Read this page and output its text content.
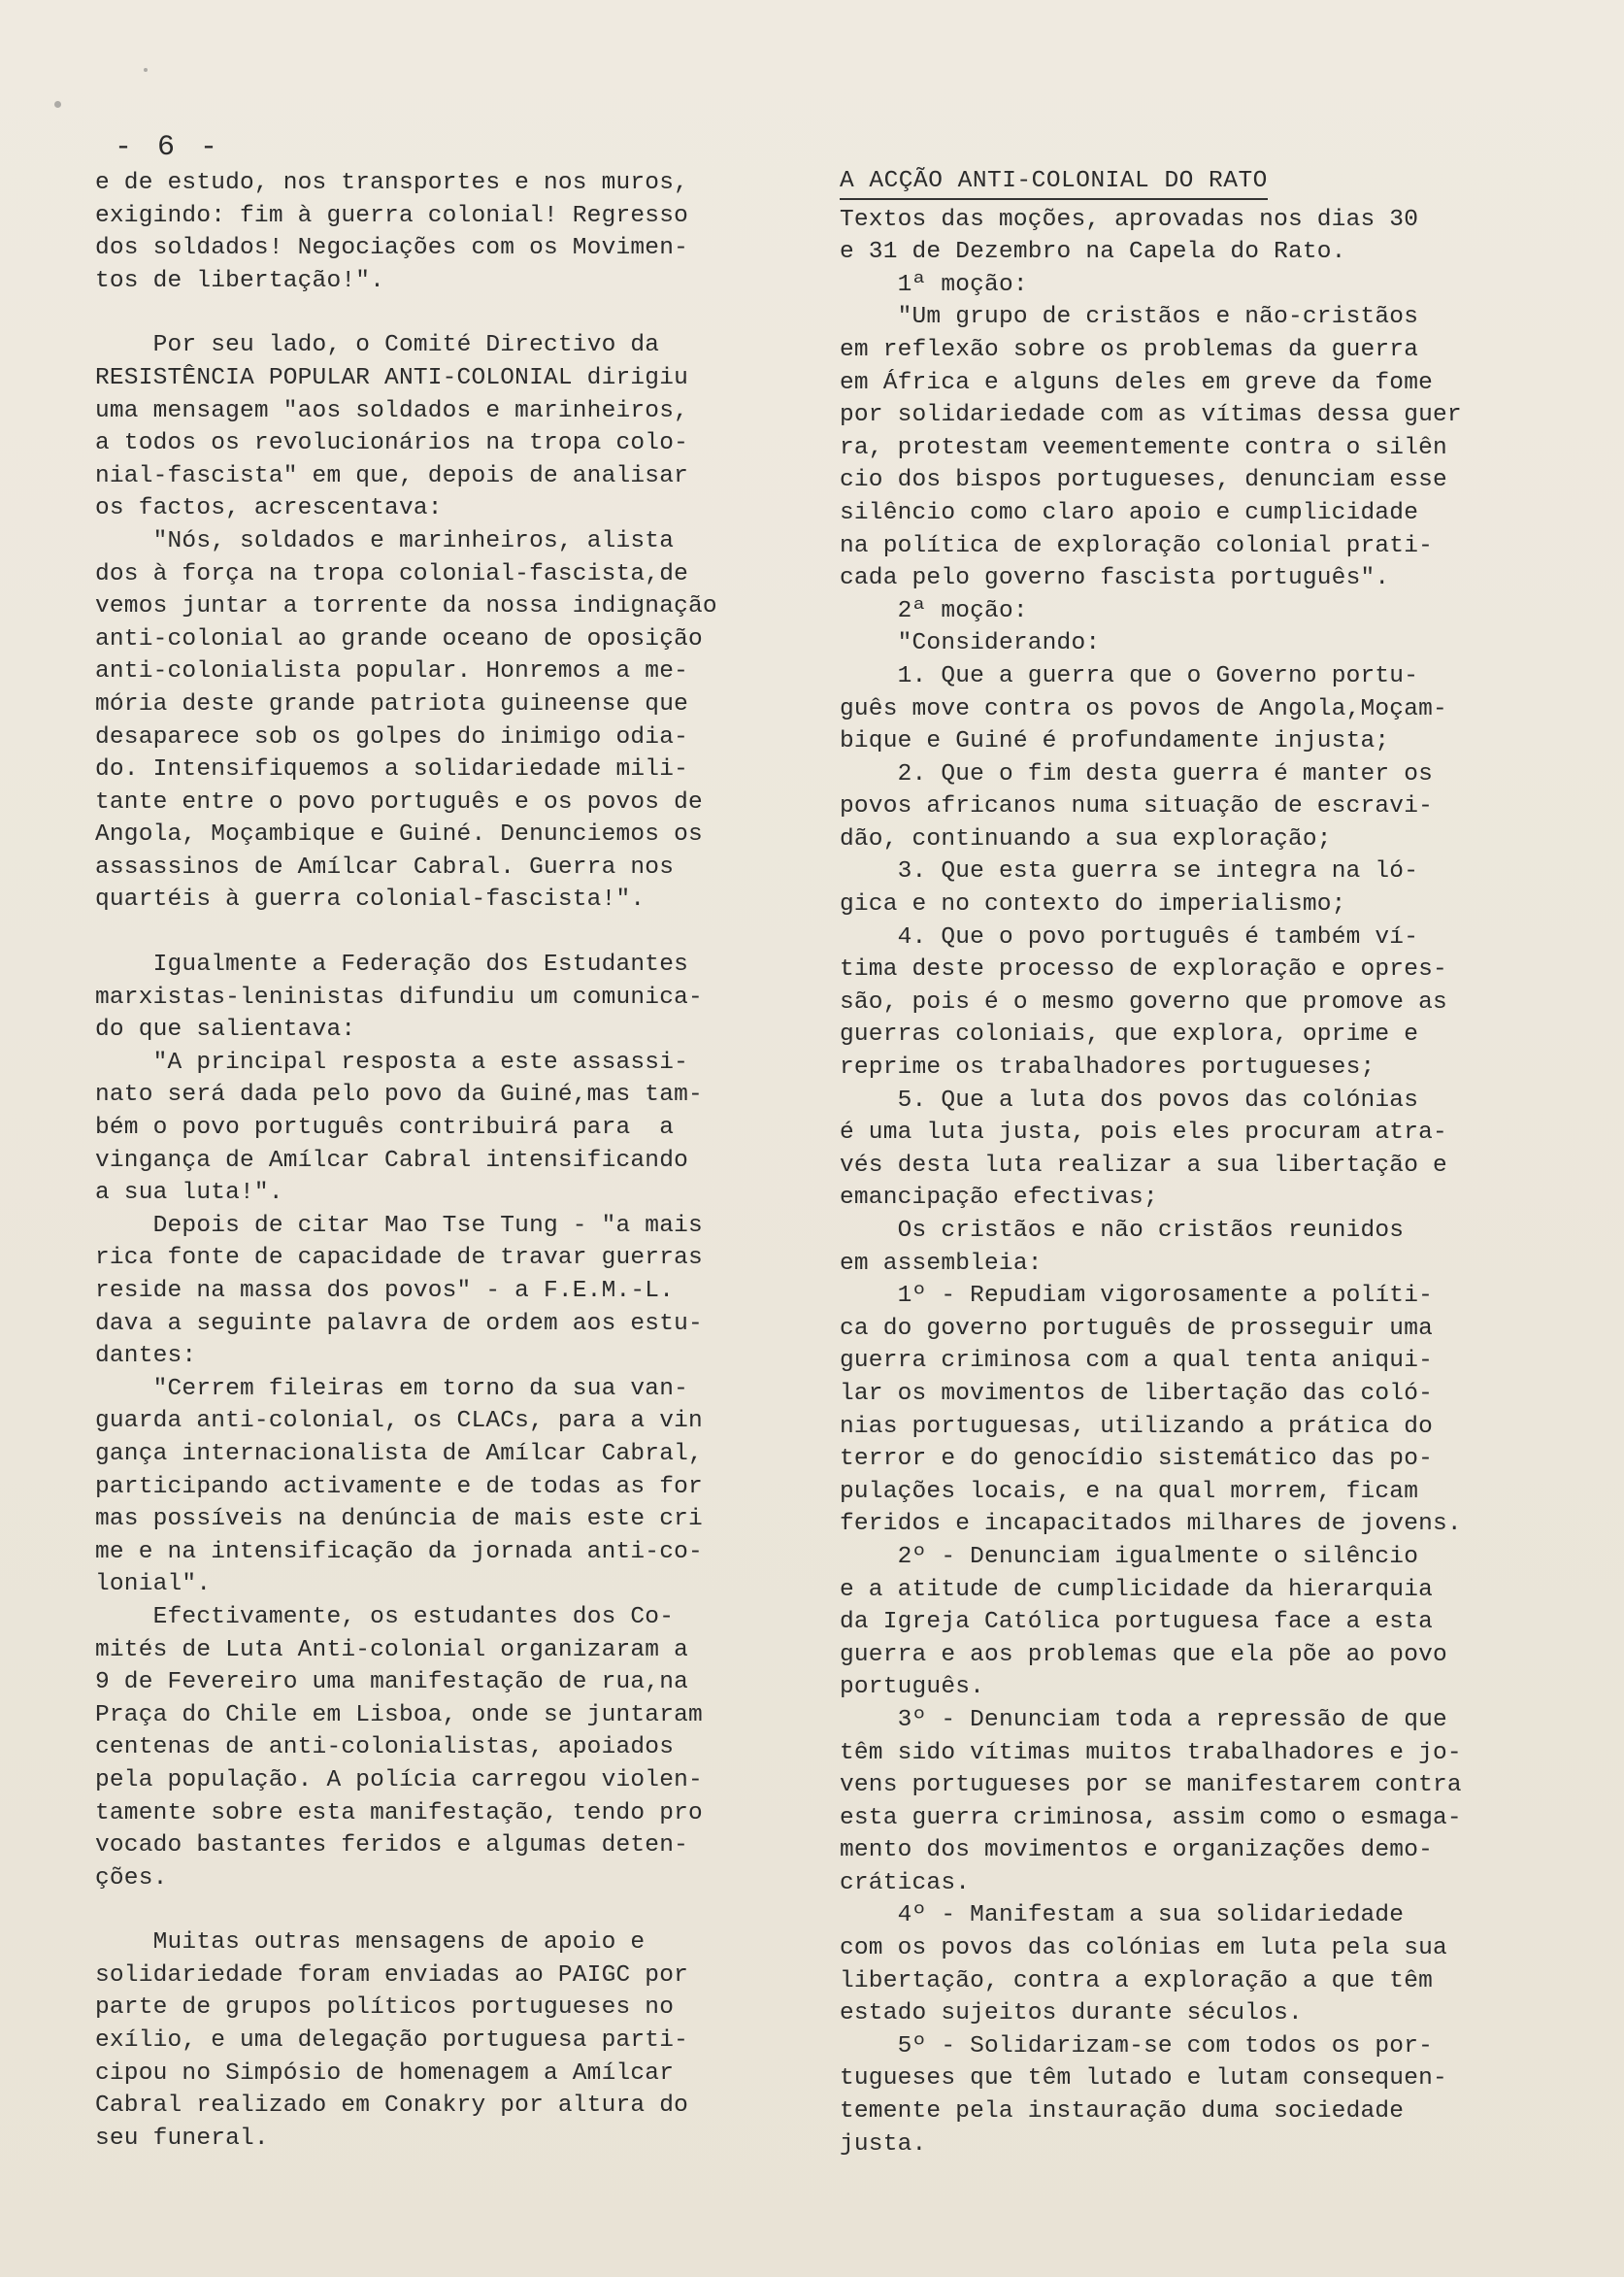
- 6 -

e de estudo, nos transportes e nos muros,

exigindo: fim à guerra colonial! Regresso

dos soldados! Negociações com os Movimen-

tos de libertação!".

Por seu lado, o Comité Directivo da

RESISTÊNCIA POPULAR ANTI-COLONIAL dirigiu

uma mensagem "aos soldados e marinheiros,

a todos os revolucionários na tropa colo-

nial-fascista" em que, depois de analisar

os factos, acrescentava:

"Nós, soldados e marinheiros, alista

dos à força na tropa colonial-fascista,de

vemos juntar a torrente da nossa indignação

anti-colonial ao grande oceano de oposição

anti-colonialista popular. Honremos a me-

mória deste grande patriota guineense que

desaparece sob os golpes do inimigo odia-

do. Intensifiquemos a solidariedade mili-

tante entre o povo português e os povos de

Angola, Moçambique e Guiné. Denunciemos os

assassinos de Amílcar Cabral. Guerra nos

quartéis à guerra colonial-fascista!".

Igualmente a Federação dos Estudantes

marxistas-leninistas difundiu um comunica-

do que salientava:

"A principal resposta a este assassi-

nato será dada pelo povo da Guiné,mas tam-

bém o povo português contribuirá para  a

vingança de Amílcar Cabral intensificando

a sua luta!".

Depois de citar Mao Tse Tung - "a mais

rica fonte de capacidade de travar guerras

reside na massa dos povos" - a F.E.M.-L.

dava a seguinte palavra de ordem aos estu-

dantes:

"Cerrem fileiras em torno da sua van-

guarda anti-colonial, os CLACs, para a vin

gança internacionalista de Amílcar Cabral,

participando activamente e de todas as for

mas possíveis na denúncia de mais este cri

me e na intensificação da jornada anti-co-

lonial".

Efectivamente, os estudantes dos Co-

mités de Luta Anti-colonial organizaram a

9 de Fevereiro uma manifestação de rua,na

Praça do Chile em Lisboa, onde se juntaram

centenas de anti-colonialistas, apoiados

pela população. A polícia carregou violen-

tamente sobre esta manifestação, tendo pro

vocado bastantes feridos e algumas deten-

ções.

Muitas outras mensagens de apoio e

solidariedade foram enviadas ao PAIGC por

parte de grupos políticos portugueses no

exílio, e uma delegação portuguesa parti-

cipou no Simpósio de homenagem a Amílcar

Cabral realizado em Conakry por altura do

seu funeral.

A ACÇÃO ANTI-COLONIAL DO RATO

Textos das moções, aprovadas nos dias 30

e 31 de Dezembro na Capela do Rato.

1ª moção:

"Um grupo de cristãos e não-cristãos

em reflexão sobre os problemas da guerra

em África e alguns deles em greve da fome

por solidariedade com as vítimas dessa guer

ra, protestam veementemente contra o silên

cio dos bispos portugueses, denunciam esse

silêncio como claro apoio e cumplicidade

na política de exploração colonial prati-

cada pelo governo fascista português".

2ª moção:

"Considerando:

1. Que a guerra que o Governo portu-

guês move contra os povos de Angola,Moçam-

bique e Guiné é profundamente injusta;

2. Que o fim desta guerra é manter os

povos africanos numa situação de escravi-

dão, continuando a sua exploração;

3. Que esta guerra se integra na ló-

gica e no contexto do imperialismo;

4. Que o povo português é também ví-

tima deste processo de exploração e opres-

são, pois é o mesmo governo que promove as

guerras coloniais, que explora, oprime e

reprime os trabalhadores portugueses;

5. Que a luta dos povos das colónias

é uma luta justa, pois eles procuram atra-

vés desta luta realizar a sua libertação e

emancipação efectivas;

Os cristãos e não cristãos reunidos

em assembleia:

1º - Repudiam vigorosamente a políti-

ca do governo português de prosseguir uma

guerra criminosa com a qual tenta aniqui-

lar os movimentos de libertação das coló-

nias portuguesas, utilizando a prática do

terror e do genocídio sistemático das po-

pulações locais, e na qual morrem, ficam

feridos e incapacitados milhares de jovens.

2º - Denunciam igualmente o silêncio

e a atitude de cumplicidade da hierarquia

da Igreja Católica portuguesa face a esta

guerra e aos problemas que ela põe ao povo

português.

3º - Denunciam toda a repressão de que

têm sido vítimas muitos trabalhadores e jo-

vens portugueses por se manifestarem contra

esta guerra criminosa, assim como o esmaga-

mento dos movimentos e organizações demo-

cráticas.

4º - Manifestam a sua solidariedade

com os povos das colónias em luta pela sua

libertação, contra a exploração a que têm

estado sujeitos durante séculos.

5º - Solidarizam-se com todos os por-

tugueses que têm lutado e lutam consequen-

temente pela instauração duma sociedade

justa.
